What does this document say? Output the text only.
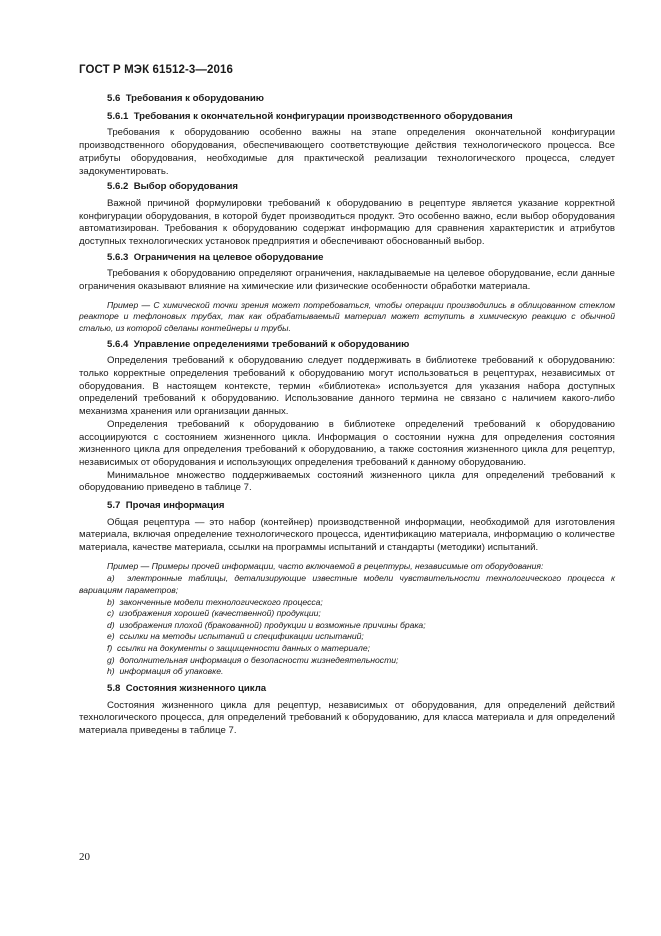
ГОСТ Р МЭК 61512-3—2016

5.6 Требования к оборудованию

5.6.1 Требования к окончательной конфигурации производственного оборудования

Требования к оборудованию особенно важны на этапе определения окончательной конфигурации производственного оборудования, обеспечивающего соответствующие действия технологического процесса. Все атрибуты оборудования, необходимые для практической реализации технологического процесса, следует задокументировать.

5.6.2 Выбор оборудования

Важной причиной формулировки требований к оборудованию в рецептуре является указание корректной конфигурации оборудования, в которой будет производиться продукт. Это особенно важно, если выбор оборудования автоматизирован. Требования к оборудованию содержат информацию для сравнения характеристик и атрибутов доступных технологических установок предприятия и обеспечивают обоснованный выбор.

5.6.3 Ограничения на целевое оборудование

Требования к оборудованию определяют ограничения, накладываемые на целевое оборудование, если данные ограничения оказывают влияние на химические или физические особенности обработки материала.

Пример — С химической точки зрения может потребоваться, чтобы операции производились в облицованном стеклом реакторе и тефлоновых трубах, так как обрабатываемый материал может вступить в химическую реакцию с обычной сталью, из которой сделаны контейнеры и трубы.

5.6.4 Управление определениями требований к оборудованию

Определения требований к оборудованию следует поддерживать в библиотеке требований к оборудованию: только корректные определения требований к оборудованию могут использоваться в рецептурах, независимых от оборудования. В настоящем контексте, термин «библиотека» используется для указания набора доступных определений требований к оборудованию. Использование данного термина не связано с наличием какого-либо механизма хранения или организации данных.

Определения требований к оборудованию в библиотеке определений требований к оборудованию ассоциируются с состоянием жизненного цикла. Информация о состоянии нужна для определения состояния жизненного цикла для определения требований к оборудованию, а также состояния жизненного цикла для рецептур, независимых от оборудования и использующих определения требований к данному оборудованию.

Минимальное множество поддерживаемых состояний жизненного цикла для определений требований к оборудованию приведено в таблице 7.

5.7 Прочая информация

Общая рецептура — это набор (контейнер) производственной информации, необходимой для изготовления материала, включая определение технологического процесса, идентификацию материала, информацию о количестве материала, качестве материала, ссылки на программы испытаний и стандарты (методики) испытаний.

Пример — Примеры прочей информации, часто включаемой в рецептуры, независимые от оборудования:

a) электронные таблицы, детализирующие известные модели чувствительности технологического процесса к вариациям параметров;

b) законченные модели технологического процесса;

c) изображения хорошей (качественной) продукции;

d) изображения плохой (бракованной) продукции и возможные причины брака;

e) ссылки на методы испытаний и спецификации испытаний;

f) ссылки на документы о защищенности данных о материале;

g) дополнительная информация о безопасности жизнедеятельности;

h) информация об упаковке.

5.8 Состояния жизненного цикла

Состояния жизненного цикла для рецептур, независимых от оборудования, для определений действий технологического процесса, для определений требований к оборудованию, для класса материала и для определений материала приведены в таблице 7.

20
